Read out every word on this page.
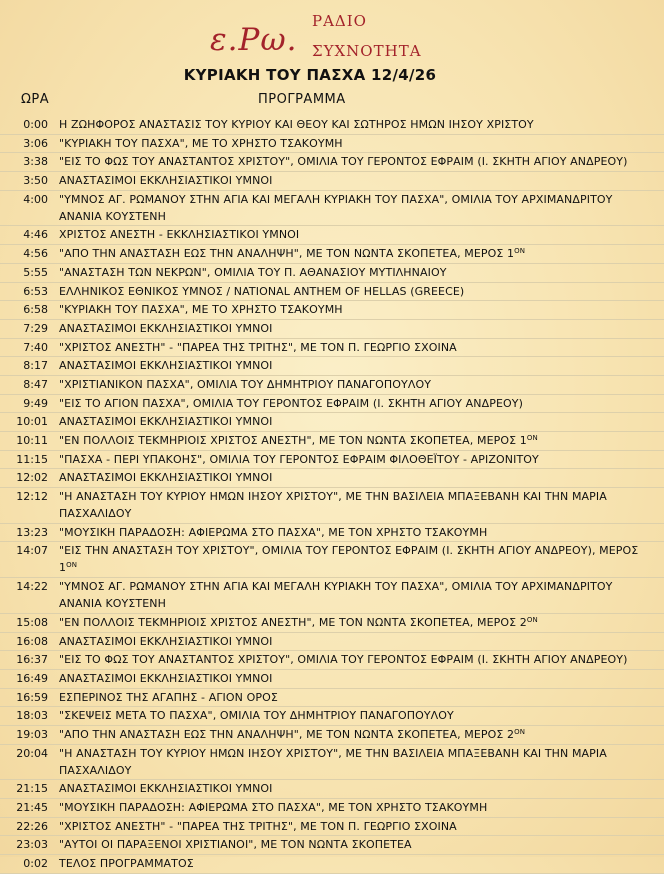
ε.Ρω.
ΡΑΔΙΟ
ΣΥΧΝΟΤΗΤΑ
ΚΥΡΙΑΚΗ ΤΟΥ ΠΑΣΧΑ 12/4/26
ΩΡΑ	ΠΡΟΓΡΑΜΜΑ
0:00 Η ΖΩΗΦΟΡΟΣ ΑΝΑΣΤΑΣΙΣ ΤΟΥ ΚΥΡΙΟΥ ΚΑΙ ΘΕΟΥ ΚΑΙ ΣΩΤΗΡΟΣ ΗΜΩΝ ΙΗΣΟΥ ΧΡΙΣΤΟΥ
3:06 "ΚΥΡΙΑΚΗ ΤΟΥ ΠΑΣΧΑ", ΜΕ ΤΟ ΧΡΗΣΤΟ ΤΣΑΚΟΥΜΗ
3:38 "ΕΙΣ ΤΟ ΦΩΣ ΤΟΥ ΑΝΑΣΤΑΝΤΟΣ ΧΡΙΣΤΟΥ", ΟΜΙΛΙΑ ΤΟΥ ΓΕΡΟΝΤΟΣ ΕΦΡΑΙΜ (Ι. ΣΚΗΤΗ ΑΓΙΟΥ ΑΝΔΡΕΟΥ)
3:50 ΑΝΑΣΤΑΣΙΜΟΙ ΕΚΚΛΗΣΙΑΣΤΙΚΟΙ ΥΜΝΟΙ
4:00 "ΥΜΝΟΣ ΑΓ. ΡΩΜΑΝΟΥ ΣΤΗΝ ΑΓΙΑ ΚΑΙ ΜΕΓΑΛΗ ΚΥΡΙΑΚΗ ΤΟΥ ΠΑΣΧΑ", ΟΜΙΛΙΑ ΤΟΥ ΑΡΧΙΜΑΝΔΡΙΤΟΥ ΑΝΑΝΙΑ ΚΟΥΣΤΕΝΗ
4:46 ΧΡΙΣΤΟΣ ΑΝΕΣΤΗ - ΕΚΚΛΗΣΙΑΣΤΙΚΟΙ ΥΜΝΟΙ
4:56 "ΑΠΟ ΤΗΝ ΑΝΑΣΤΑΣΗ ΕΩΣ ΤΗΝ ΑΝΑΛΗΨΗ", ΜΕ ΤΟΝ ΝΩΝΤΑ ΣΚΟΠΕΤΕΑ, ΜΕΡΟΣ $1^{ON}$
5:55 "ΑΝΑΣΤΑΣΗ ΤΩΝ ΝΕΚΡΩΝ", ΟΜΙΛΙΑ ΤΟΥ Π. ΑΘΑΝΑΣΙΟΥ ΜΥΤΙΛΗΝΑΙΟΥ
6:53 ΕΛΛΗΝΙΚΟΣ ΕΘΝΙΚΟΣ ΥΜΝΟΣ / NATIONAL ANTHEM OF HELLAS (GREECE)
6:58 "ΚΥΡΙΑΚΗ ΤΟΥ ΠΑΣΧΑ", ΜΕ ΤΟ ΧΡΗΣΤΟ ΤΣΑΚΟΥΜΗ
7:29 ΑΝΑΣΤΑΣΙΜΟΙ ΕΚΚΛΗΣΙΑΣΤΙΚΟΙ ΥΜΝΟΙ
7:40 "ΧΡΙΣΤΟΣ ΑΝΕΣΤΗ" - "ΠΑΡΕΑ ΤΗΣ ΤΡΙΤΗΣ", ΜΕ ΤΟΝ Π. ΓΕΩΡΓΙΟ ΣΧΟΙΝΑ
8:17 ΑΝΑΣΤΑΣΙΜΟΙ ΕΚΚΛΗΣΙΑΣΤΙΚΟΙ ΥΜΝΟΙ
8:47 "ΧΡΙΣΤΙΑΝΙΚΟΝ ΠΑΣΧΑ", ΟΜΙΛΙΑ ΤΟΥ ΔΗΜΗΤΡΙΟΥ ΠΑΝΑΓΟΠΟΥΛΟΥ
9:49 "ΕΙΣ ΤΟ ΑΓΙΟΝ ΠΑΣΧΑ", ΟΜΙΛΙΑ ΤΟΥ ΓΕΡΟΝΤΟΣ ΕΦΡΑΙΜ (Ι. ΣΚΗΤΗ ΑΓΙΟΥ ΑΝΔΡΕΟΥ)
10:01 ΑΝΑΣΤΑΣΙΜΟΙ ΕΚΚΛΗΣΙΑΣΤΙΚΟΙ ΥΜΝΟΙ
10:11 "ΕΝ ΠΟΛΛΟΙΣ ΤΕΚΜΗΡΙΟΙΣ ΧΡΙΣΤΟΣ ΑΝΕΣΤΗ", ΜΕ ΤΟΝ ΝΩΝΤΑ ΣΚΟΠΕΤΕΑ, ΜΕΡΟΣ $1^{ON}$
11:15 "ΠΑΣΧΑ - ΠΕΡΙ ΥΠΑΚΟΗΣ", ΟΜΙΛΙΑ ΤΟΥ ΓΕΡΟΝΤΟΣ ΕΦΡΑΙΜ ΦΙΛΟΘΕΪΤΟΥ - ΑΡΙΖΟΝΙΤΟΥ
12:02 ΑΝΑΣΤΑΣΙΜΟΙ ΕΚΚΛΗΣΙΑΣΤΙΚΟΙ ΥΜΝΟΙ
12:12 "Η ΑΝΑΣΤΑΣΗ ΤΟΥ ΚΥΡΙΟΥ ΗΜΩΝ ΙΗΣΟΥ ΧΡΙΣΤΟΥ", ΜΕ ΤΗΝ ΒΑΣΙΛΕΙΑ ΜΠΑΞΕΒΑΝΗ ΚΑΙ ΤΗΝ ΜΑΡΙΑ ΠΑΣΧΑΛΙΔΟΥ
13:23 "ΜΟΥΣΙΚΗ ΠΑΡΑΔΟΣΗ: ΑΦΙΕΡΩΜΑ ΣΤΟ ΠΑΣΧΑ", ΜΕ ΤΟΝ ΧΡΗΣΤΟ ΤΣΑΚΟΥΜΗ
14:07 "ΕΙΣ ΤΗΝ ΑΝΑΣΤΑΣΗ ΤΟΥ ΧΡΙΣΤΟΥ", ΟΜΙΛΙΑ ΤΟΥ ΓΕΡΟΝΤΟΣ ΕΦΡΑΙΜ (Ι. ΣΚΗΤΗ ΑΓΙΟΥ ΑΝΔΡΕΟΥ), ΜΕΡΟΣ $1^{ON}$
14:22 "ΥΜΝΟΣ ΑΓ. ΡΩΜΑΝΟΥ ΣΤΗΝ ΑΓΙΑ ΚΑΙ ΜΕΓΑΛΗ ΚΥΡΙΑΚΗ ΤΟΥ ΠΑΣΧΑ", ΟΜΙΛΙΑ ΤΟΥ ΑΡΧΙΜΑΝΔΡΙΤΟΥ ΑΝΑΝΙΑ ΚΟΥΣΤΕΝΗ
15:08 "ΕΝ ΠΟΛΛΟΙΣ ΤΕΚΜΗΡΙΟΙΣ ΧΡΙΣΤΟΣ ΑΝΕΣΤΗ", ΜΕ ΤΟΝ ΝΩΝΤΑ ΣΚΟΠΕΤΕΑ, ΜΕΡΟΣ $2^{ON}$
16:08 ΑΝΑΣΤΑΣΙΜΟΙ ΕΚΚΛΗΣΙΑΣΤΙΚΟΙ ΥΜΝΟΙ
16:37 "ΕΙΣ ΤΟ ΦΩΣ ΤΟΥ ΑΝΑΣΤΑΝΤΟΣ ΧΡΙΣΤΟΥ", ΟΜΙΛΙΑ ΤΟΥ ΓΕΡΟΝΤΟΣ ΕΦΡΑΙΜ (Ι. ΣΚΗΤΗ ΑΓΙΟΥ ΑΝΔΡΕΟΥ)
16:49 ΑΝΑΣΤΑΣΙΜΟΙ ΕΚΚΛΗΣΙΑΣΤΙΚΟΙ ΥΜΝΟΙ
16:59 ΕΣΠΕΡΙΝΟΣ ΤΗΣ ΑΓΑΠΗΣ - ΑΓΙΟΝ ΟΡΟΣ
18:03 "ΣΚΕΨΕΙΣ ΜΕΤΑ ΤΟ ΠΑΣΧΑ", ΟΜΙΛΙΑ ΤΟΥ ΔΗΜΗΤΡΙΟΥ ΠΑΝΑΓΟΠΟΥΛΟΥ
19:03 "ΑΠΟ ΤΗΝ ΑΝΑΣΤΑΣΗ ΕΩΣ ΤΗΝ ΑΝΑΛΗΨΗ", ΜΕ ΤΟΝ ΝΩΝΤΑ ΣΚΟΠΕΤΕΑ, ΜΕΡΟΣ $2^{ON}$
20:04 "Η ΑΝΑΣΤΑΣΗ ΤΟΥ ΚΥΡΙΟΥ ΗΜΩΝ ΙΗΣΟΥ ΧΡΙΣΤΟΥ", ΜΕ ΤΗΝ ΒΑΣΙΛΕΙΑ ΜΠΑΞΕΒΑΝΗ ΚΑΙ ΤΗΝ ΜΑΡΙΑ ΠΑΣΧΑΛΙΔΟΥ
21:15 ΑΝΑΣΤΑΣΙΜΟΙ ΕΚΚΛΗΣΙΑΣΤΙΚΟΙ ΥΜΝΟΙ
21:45 "ΜΟΥΣΙΚΗ ΠΑΡΑΔΟΣΗ: ΑΦΙΕΡΩΜΑ ΣΤΟ ΠΑΣΧΑ", ΜΕ ΤΟΝ ΧΡΗΣΤΟ ΤΣΑΚΟΥΜΗ
22:26 "ΧΡΙΣΤΟΣ ΑΝΕΣΤΗ" - "ΠΑΡΕΑ ΤΗΣ ΤΡΙΤΗΣ", ΜΕ ΤΟΝ Π. ΓΕΩΡΓΙΟ ΣΧΟΙΝΑ
23:03 "ΑΥΤΟΙ ΟΙ ΠΑΡΑΞΕΝΟΙ ΧΡΙΣΤΙΑΝΟΙ", ΜΕ ΤΟΝ ΝΩΝΤΑ ΣΚΟΠΕΤΕΑ
0:02 ΤΕΛΟΣ ΠΡΟΓΡΑΜΜΑΤΟΣ
